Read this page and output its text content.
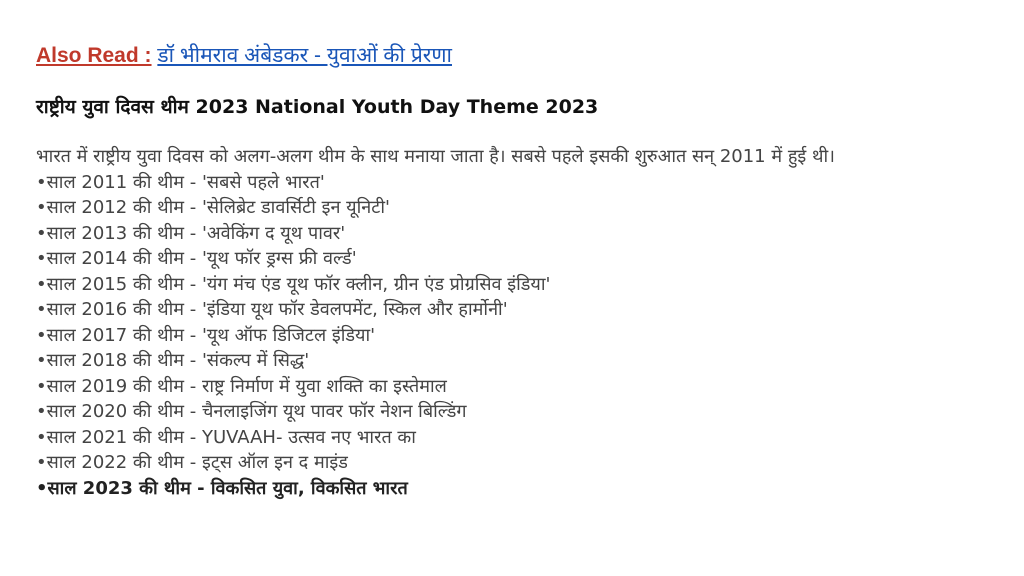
Also Read : डॉ भीमराव अंबेडकर - युवाओं की प्रेरणा
राष्ट्रीय युवा दिवस थीम 2023 National Youth Day Theme 2023

भारत में राष्ट्रीय युवा दिवस को अलग-अलग थीम के साथ मनाया जाता है। सबसे पहले इसकी शुरुआत सन् 2011 में हुई थी।

•साल 2011 की थीम - 'सबसे पहले भारत'
•साल 2012 की थीम - 'सेलिब्रेट डावर्सिटी इन यूनिटी'
•साल 2013 की थीम - 'अवेकिंग द यूथ पावर'
•साल 2014 की थीम - 'यूथ फॉर ड्रग्स फ्री वर्ल्ड'
•साल 2015 की थीम - 'यंग मंच एंड यूथ फॉर क्लीन, ग्रीन एंड प्रोग्रसिव इंडिया'
•साल 2016 की थीम - 'इंडिया यूथ फॉर डेवलपमेंट, स्किल और हार्मोनी'
•साल 2017 की थीम - 'यूथ ऑफ डिजिटल इंडिया'
•साल 2018 की थीम - 'संकल्प में सिद्ध'
•साल 2019 की थीम - राष्ट्र निर्माण में युवा शक्ति का इस्तेमाल
•साल 2020 की थीम - चैनलाइजिंग यूथ पावर फॉर नेशन बिल्डिंग
•साल 2021 की थीम - YUVAAH- उत्सव नए भारत का
•साल 2022 की थीम - इट्स ऑल इन द माइंड
•साल 2023 की थीम - विकसित युवा, विकसित भारत
